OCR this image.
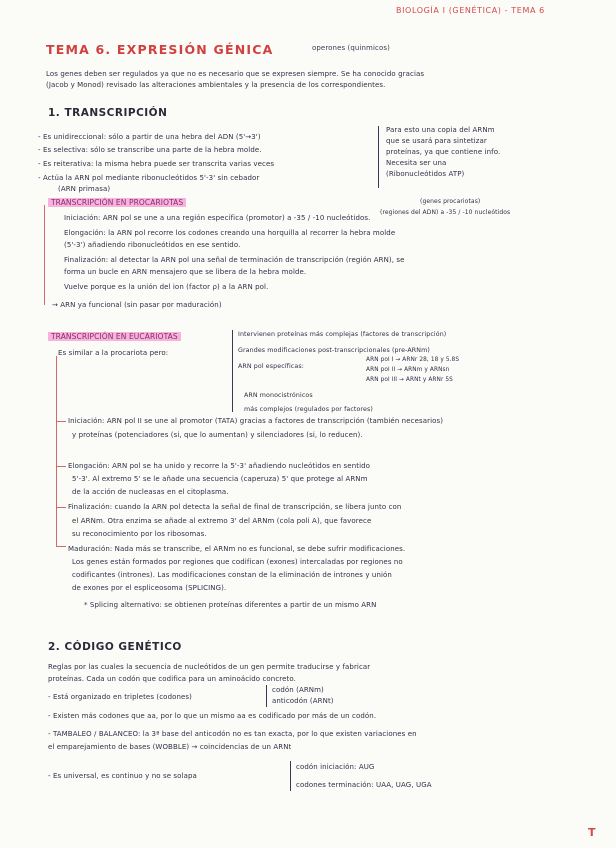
BIOLOGÍA I (GENÉTICA) - TEMA 6
TEMA 6. EXPRESIÓN GÉNICA	operones (quinmicos)
Los genes deben ser regulados ya que no es necesario que se expresen siempre. Se ha conocido gracias
(Jacob y Monod) revisado las alteraciones ambientales y la presencia de los correspondientes.
1. TRANSCRIPCIÓN
- Es unidireccional: sólo a partir de una hebra del ADN (5'→3')
- Es selectiva: sólo se transcribe una parte de la hebra molde.
- Es reiterativa: la misma hebra puede ser transcrita varias veces
- Actúa la ARN pol mediante ribonucleótidos 5'-3' sin cebador
(ARN primasa)
Para esto una copia del ARNm
que se usará para sintetizar
proteínas, ya que contiene info.
Necesita ser una
(Ribonucleótidos ATP)
(genes procariotas)
TRANSCRIPCIÓN EN PROCARIOTAS
(regiones del ADN) a -35 / -10 nucleótidos
Iniciación: ARN pol se une a una región específica (promotor) a -35 / -10 nucleótidos.
Elongación: la ARN pol recorre los codones creando una horquilla al recorrer la hebra molde
(5'-3') añadiendo ribonucleótidos en ese sentido.
Finalización: al detectar la ARN pol una señal de terminación de transcripción (región ARN), se
forma un bucle en ARN mensajero que se libera de la hebra molde.
Vuelve porque es la unión del ion (factor ρ) a la ARN pol.
→ ARN ya funcional (sin pasar por maduración)
TRANSCRIPCIÓN EN EUCARIOTAS
Es similar a la procariota pero:
Intervienen proteínas más complejas (factores de transcripción)
Grandes modificaciones post-transcripcionales (pre-ARNm)
ARN pol específicas:
ARN pol I → ARNr 28, 18 y 5.8S
ARN pol II → ARNm y ARNsn
ARN pol III → ARNt y ARNr 5S
ARN monocistrónicos
más complejos (regulados por factores)
Iniciación: ARN pol II se une al promotor (TATA) gracias a factores de transcripción (también necesarios)
y proteínas (potenciadores (si, que lo aumentan) y silenciadores (si, lo reducen).
Elongación: ARN pol se ha unido y recorre la 5'-3' añadiendo nucleótidos en sentido
5'-3'. Al extremo 5' se le añade una secuencia (caperuza) 5' que protege al ARNm
de la acción de nucleasas en el citoplasma.
Finalización: cuando la ARN pol detecta la señal de final de transcripción, se libera junto con
el ARNm. Otra enzima se añade al extremo 3' del ARNm (cola poli A), que favorece
su reconocimiento por los ribosomas.
Maduración: Nada más se transcribe, el ARNm no es funcional, se debe sufrir modificaciones.
Los genes están formados por regiones que codifican (exones) intercaladas por regiones no
codificantes (intrones). Las modificaciones constan de la eliminación de intrones y unión
de exones por el espliceosoma (SPLICING).
* Splicing alternativo: se obtienen proteínas diferentes a partir de un mismo ARN
2. CÓDIGO GENÉTICO
Reglas por las cuales la secuencia de nucleótidos de un gen permite traducirse y fabricar
proteínas. Cada un codón que codifica para un aminoácido concreto.
- Está organizado en tripletes (codones)
codón (ARNm)
anticodón (ARNt)
- Existen más codones que aa, por lo que un mismo aa es codificado por más de un codón.
- TAMBALEO / BALANCEO: la 3ª base del anticodón no es tan exacta, por lo que existen variaciones en
el emparejamiento de bases (WOBBLE) → coincidencias de un ARNt
- Es universal, es continuo y no se solapa
codón iniciación: AUG
codones terminación: UAA, UAG, UGA
T
